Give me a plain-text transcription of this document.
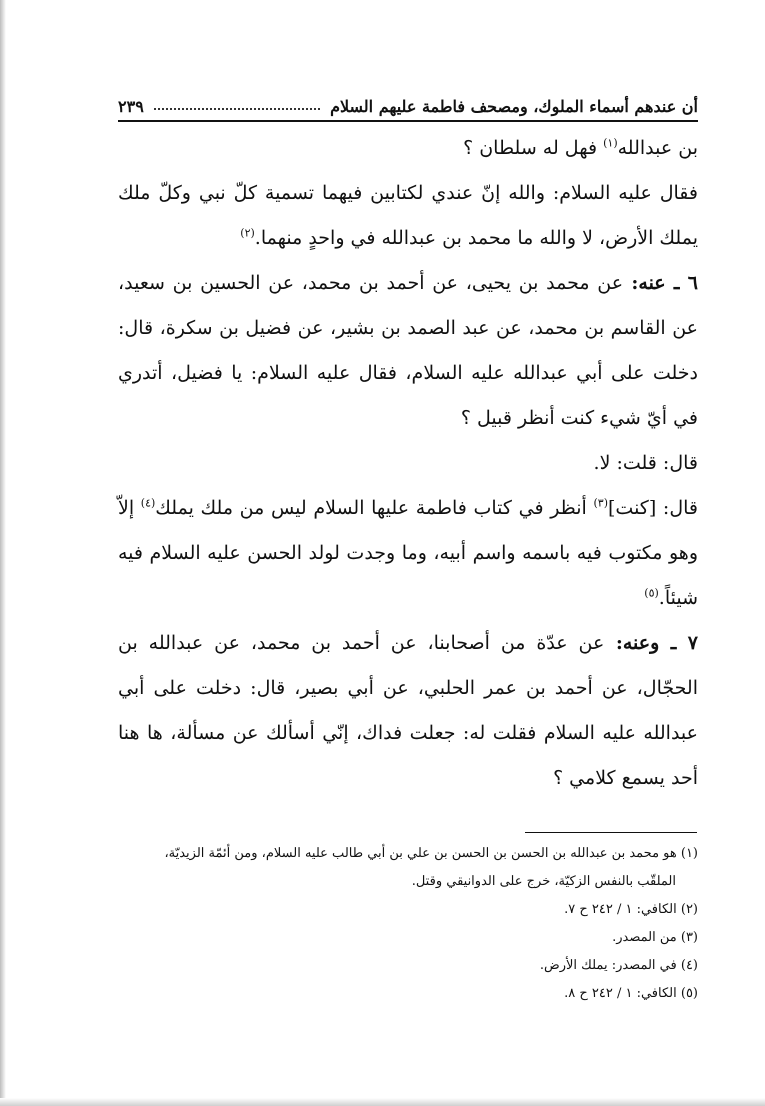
أن عندهم أسماء الملوك، ومصحف فاطمة عليهم السلام
٢٣٩

بن عبدالله$^{(١)}$ فهل له سلطان ؟

فقال عليه السلام: والله إنّ عندي لكتابين فيهما تسمية كلّ نبي وكلّ ملك يملك الأرض، لا والله ما محمد بن عبدالله في واحدٍ منهما.$^{(٢)}$

٦ ـ عنه: عن محمد بن يحيى، عن أحمد بن محمد، عن الحسين بن سعيد، عن القاسم بن محمد، عن عبد الصمد بن بشير، عن فضيل بن سكرة، قال: دخلت على أبي عبدالله عليه السلام، فقال عليه السلام: يا فضيل، أتدري في أيّ شيء كنت أنظر قبيل ؟

قال: قلت: لا.

قال: [كنت]$^{(٣)}$ أنظر في كتاب فاطمة عليها السلام ليس من ملك يملك$^{(٤)}$ إلاّ وهو مكتوب فيه باسمه واسم أبيه، وما وجدت لولد الحسن عليه السلام فيه شيئاً.$^{(٥)}$

٧ ـ وعنه: عن عدّة من أصحابنا، عن أحمد بن محمد، عن عبدالله بن الحجّال، عن أحمد بن عمر الحلبي، عن أبي بصير، قال: دخلت على أبي عبدالله عليه السلام فقلت له: جعلت فداك، إنّي أسألك عن مسألة، ها هنا أحد يسمع كلامي ؟

(١) هو محمد بن عبدالله بن الحسن بن الحسن بن علي بن أبي طالب عليه السلام، ومن أئمّة الزيديّة،

الملقّب بالنفس الزكيّة، خرج على الدوانيقي وقتل.

(٢) الكافي: ١ / ٢٤٢ ح ٧.

(٣) من المصدر.

(٤) في المصدر: يملك الأرض.

(٥) الكافي: ١ / ٢٤٢ ح ٨.
